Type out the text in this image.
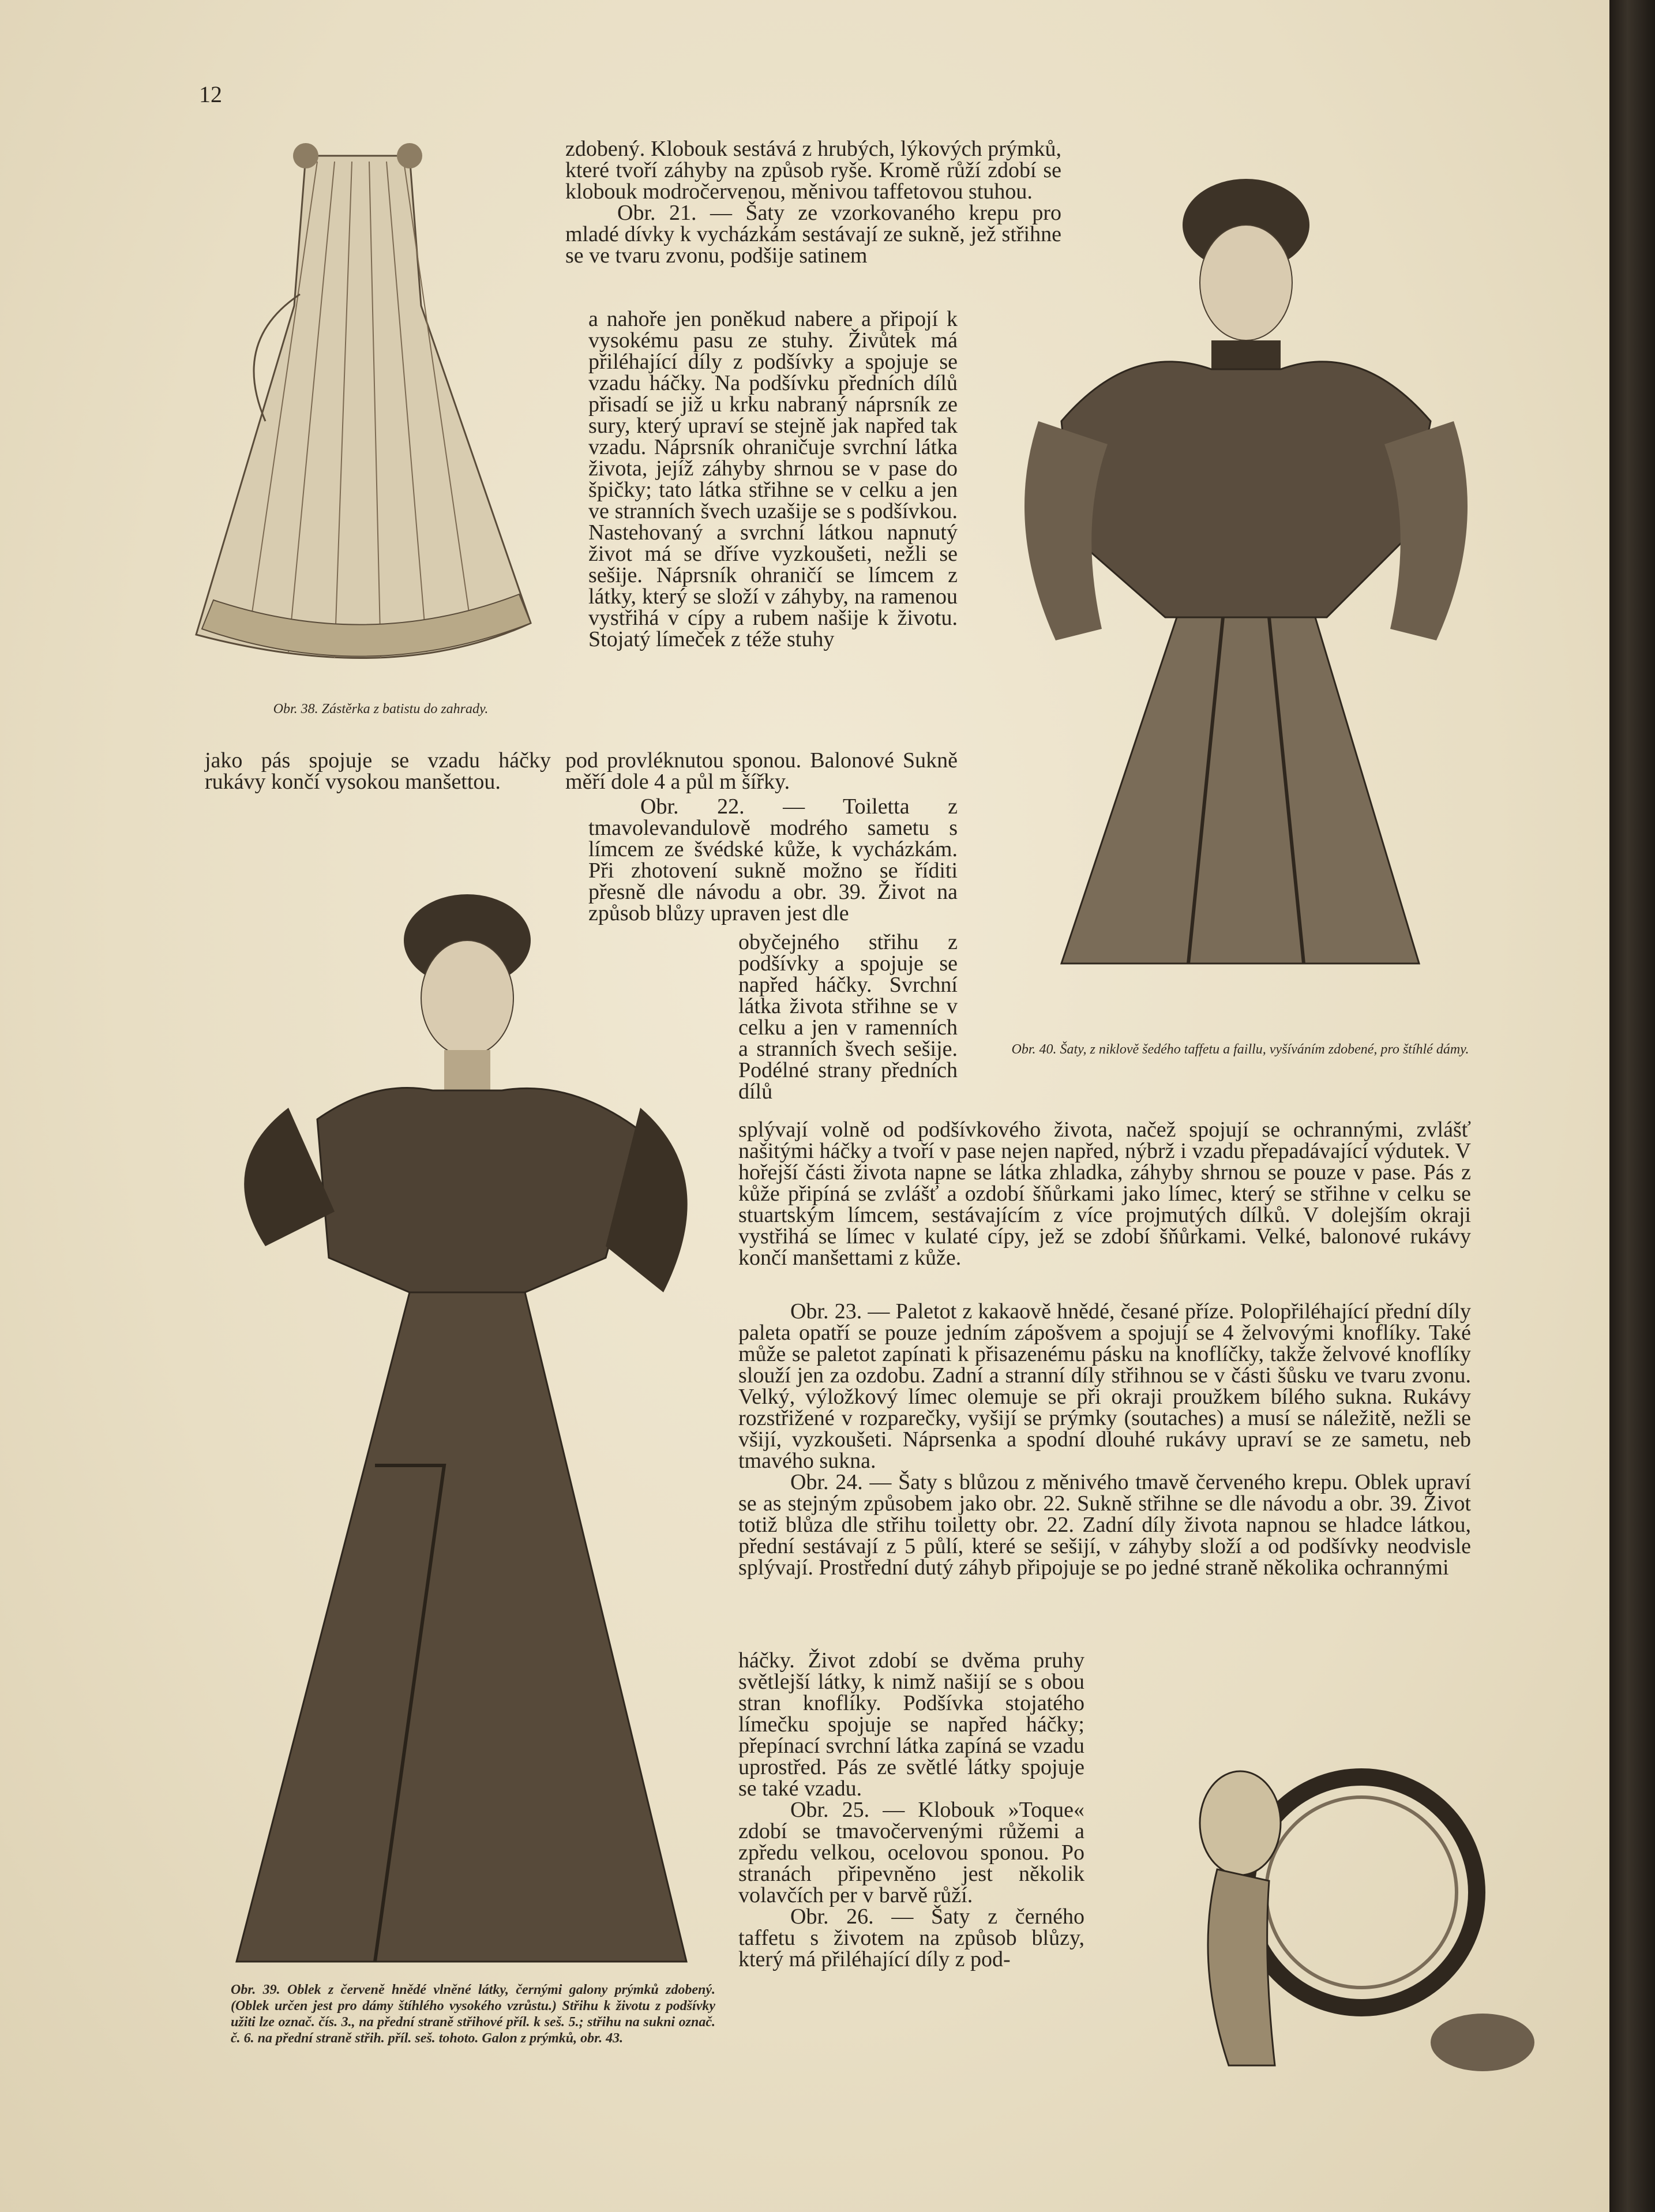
12
Obr. 38. Zástěrka z batistu do zahrady.
Obr. 40. Šaty, z niklově šedého taffetu a faillu, vyšíváním zdobené, pro štíhlé dámy.
Obr. 39. Oblek z červeně hnědé vlněné látky, černými galony prýmků zdobený. (Oblek určen jest pro dámy štíhlého vysokého vzrůstu.) Střihu k životu z podšívky užiti lze označ. čís. 3., na přední straně střihové příl. k seš. 5.; střihu na sukni označ. č. 6. na přední straně střih. příl. seš. tohoto. Galon z prýmků, obr. 43.

zdobený. Klobouk sestává z hrubých, lýkových prýmků, které tvoří záhyby na způsob ryše. Kromě růží zdobí se klobouk modročervenou, měnivou taffetovou stuhou.

Obr. 21. — Šaty ze vzorkovaného krepu pro mladé dívky k vycházkám sestávají ze sukně, jež střihne se ve tvaru zvonu, podšije satinem

a nahoře jen poněkud nabere a připojí k vysokému pasu ze stuhy. Živůtek má přiléhající díly z podšívky a spojuje se vzadu háčky. Na podšívku předních dílů přisadí se již u krku nabraný náprsník ze sury, který upraví se stejně jak napřed tak vzadu. Náprsník ohraničuje svrchní látka života, jejíž záhyby shrnou se v pase do špičky; tato látka střihne se v celku a jen ve stranních švech uzašije se s podšívkou. Nastehovaný a svrchní látkou napnutý život má se dříve vyzkoušeti, nežli se sešije. Náprsník ohraničí se límcem z látky, který se složí v záhyby, na ramenou vystřihá v cípy a rubem našije k životu. Stojatý límeček z téže stuhy

jako pás spojuje se vzadu háčky rukávy končí vysokou manšettou.

pod provléknutou sponou. Balonové Sukně měří dole 4 a půl m šířky.

Obr. 22. — Toiletta z tmavolevandulově modrého sametu s límcem ze švédské kůže, k vycházkám. Při zhotovení sukně možno se říditi přesně dle návodu a obr. 39. Život na způsob blůzy upraven jest dle

obyčejného střihu z podšívky a spojuje se napřed háčky. Svrchní látka života střihne se v celku a jen v ramenních a stranních švech sešije. Podélné strany předních dílů

splývají volně od podšívkového života, načež spojují se ochrannými, zvlášť našitými háčky a tvoří v pase nejen napřed, nýbrž i vzadu přepadávající výdutek. V hořejší části života napne se látka zhladka, záhyby shrnou se pouze v pase. Pás z kůže připíná se zvlášť a ozdobí šňůrkami jako límec, který se střihne v celku se stuartským límcem, sestávajícím z více projmutých dílků. V dolejším okraji vystřihá se límec v kulaté cípy, jež se zdobí šňůrkami. Velké, balonové rukávy končí manšettami z kůže.

Obr. 23. — Paletot z kakaově hnědé, česané příze. Polopřiléhající přední díly paleta opatří se pouze jedním zápošvem a spojují se 4 želvovými knoflíky. Také může se paletot zapínati k přisazenému pásku na knoflíčky, takže želvové knoflíky slouží jen za ozdobu. Zadní a stranní díly střihnou se v části šůsku ve tvaru zvonu. Velký, výložkový límec olemuje se při okraji proužkem bílého sukna. Rukávy rozstřižené v rozparečky, vyšijí se prýmky (soutaches) a musí se náležitě, nežli se všijí, vyzkoušeti. Náprsenka a spodní dlouhé rukávy upraví se ze sametu, neb tmavého sukna.

Obr. 24. — Šaty s blůzou z měnivého tmavě červeného krepu. Oblek upraví se as stejným způsobem jako obr. 22. Sukně střihne se dle návodu a obr. 39. Život totiž blůza dle střihu toiletty obr. 22. Zadní díly života napnou se hladce látkou, přední sestávají z 5 půlí, které se sešijí, v záhyby složí a od podšívky neodvisle splývají. Prostřední dutý záhyb připojuje se po jedné straně několika ochrannými

háčky. Život zdobí se dvěma pruhy světlejší látky, k nimž našijí se s obou stran knoflíky. Podšívka stojatého límečku spojuje se napřed háčky; přepínací svrchní látka zapíná se vzadu uprostřed. Pás ze světlé látky spojuje se také vzadu.

Obr. 25. — Klobouk »Toque« zdobí se tmavočervenými růžemi a zpředu velkou, ocelovou sponou. Po stranách připevněno jest několik volavčích per v barvě růží.

Obr. 26. — Šaty z černého taffetu s životem na způsob blůzy, který má přiléhající díly z pod-
